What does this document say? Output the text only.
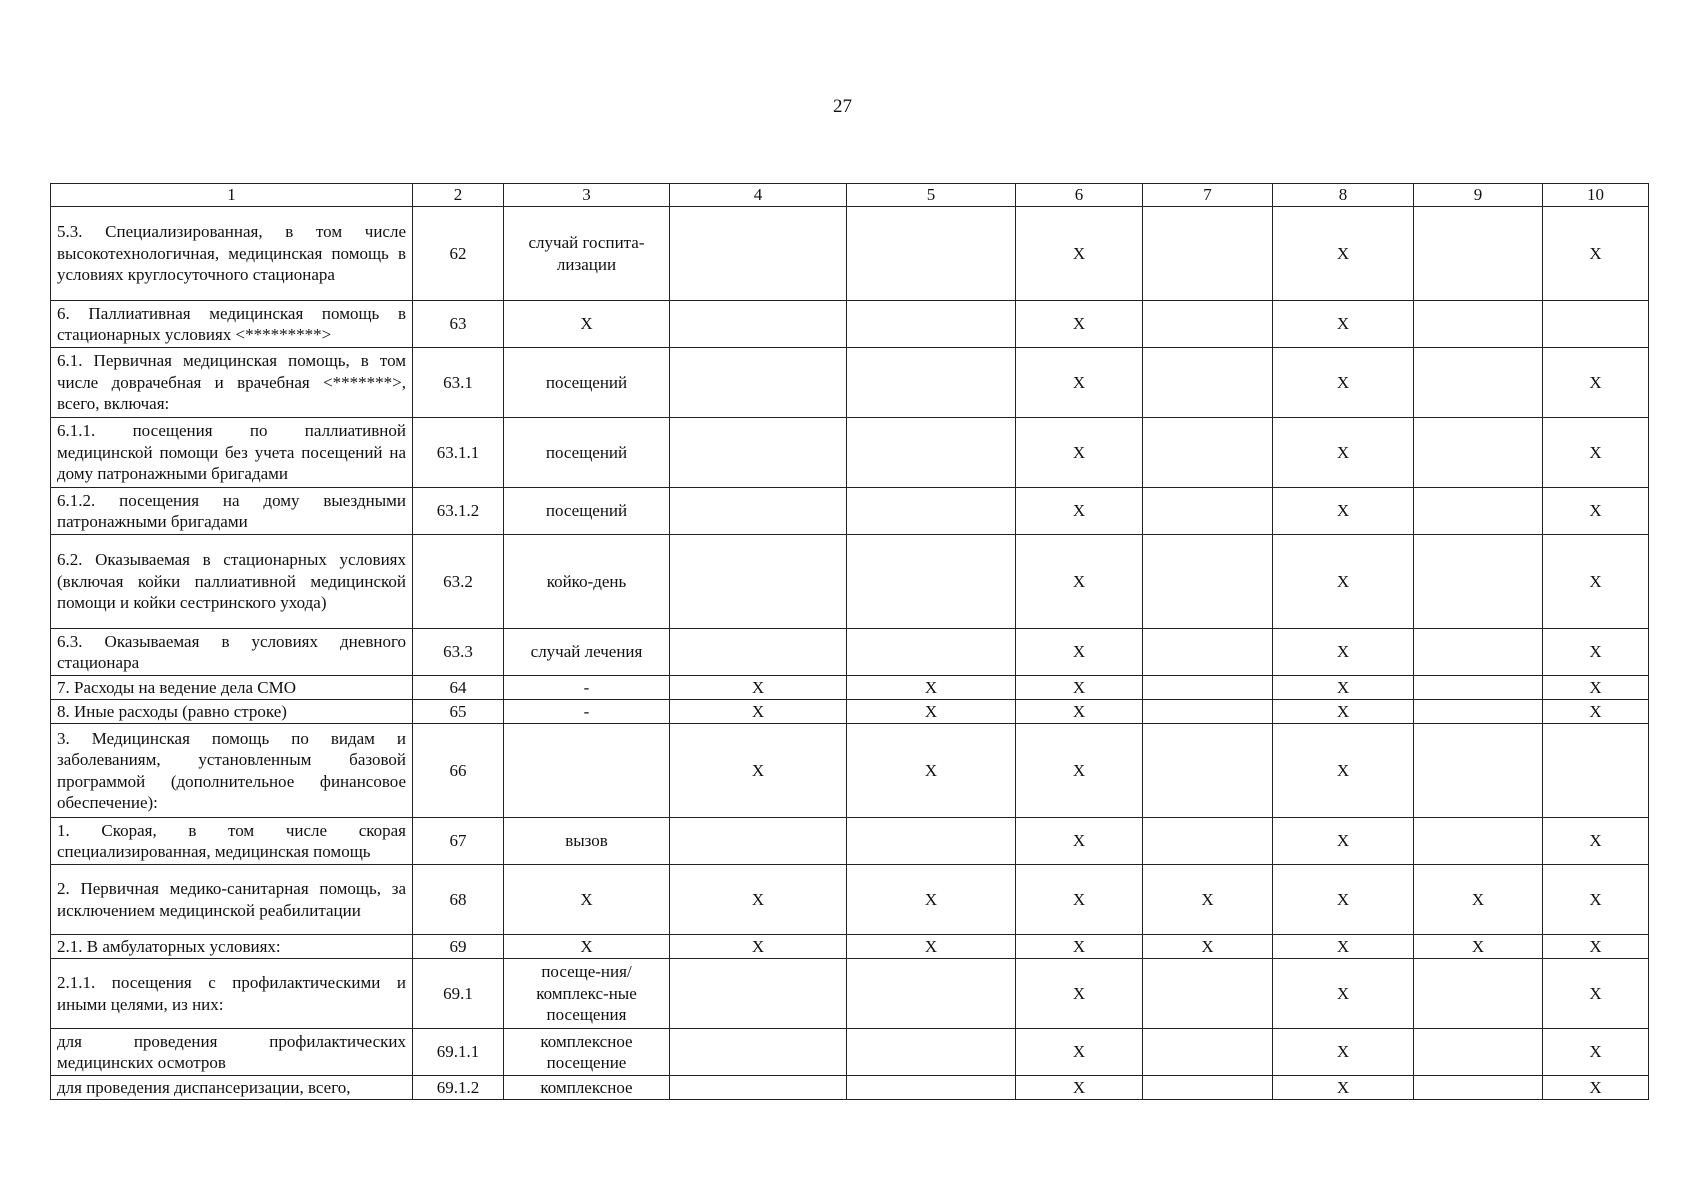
27
1	2	3	4	5	6	7	8	9	10
5.3. Специализированная, в том числе высокотехнологичная, медицинская помощь в условиях круглосуточного стационара	62	случай госпита-лизации			X		X		X
6. Паллиативная медицинская помощь в стационарных условиях <*********>	63	X			X		X		
6.1. Первичная медицинская помощь, в том числе доврачебная и врачебная <*******>, всего, включая:	63.1	посещений			X		X		X
6.1.1. посещения по паллиативной медицинской помощи без учета посещений на дому патронажными бригадами	63.1.1	посещений			X		X		X
6.1.2. посещения на дому выездными патронажными бригадами	63.1.2	посещений			X		X		X
6.2. Оказываемая в стационарных условиях (включая койки паллиативной медицинской помощи и койки сестринского ухода)	63.2	койко-день			X		X		X
6.3. Оказываемая в условиях дневного стационара	63.3	случай лечения			X		X		X
7. Расходы на ведение дела СМО	64	-	X	X	X		X		X
8. Иные расходы (равно строке)	65	-	X	X	X		X		X
3. Медицинская помощь по видам и заболеваниям, установленным базовой программой (дополнительное финансовое обеспечение):	66		X	X	X		X		
1. Скорая, в том числе скорая специализированная, медицинская помощь	67	вызов			X		X		X
2. Первичная медико-санитарная помощь, за исключением медицинской реабилитации	68	X	X	X	X	X	X	X	X
2.1. В амбулаторных условиях:	69	X	X	X	X	X	X	X	X
2.1.1. посещения с профилактическими и иными целями, из них:	69.1	посеще-ния/комплекс-ные посещения			X		X		X
для проведения профилактических медицинских осмотров	69.1.1	комплексное посещение			X		X		X
для проведения диспансеризации, всего,	69.1.2	комплексное			X		X		X
